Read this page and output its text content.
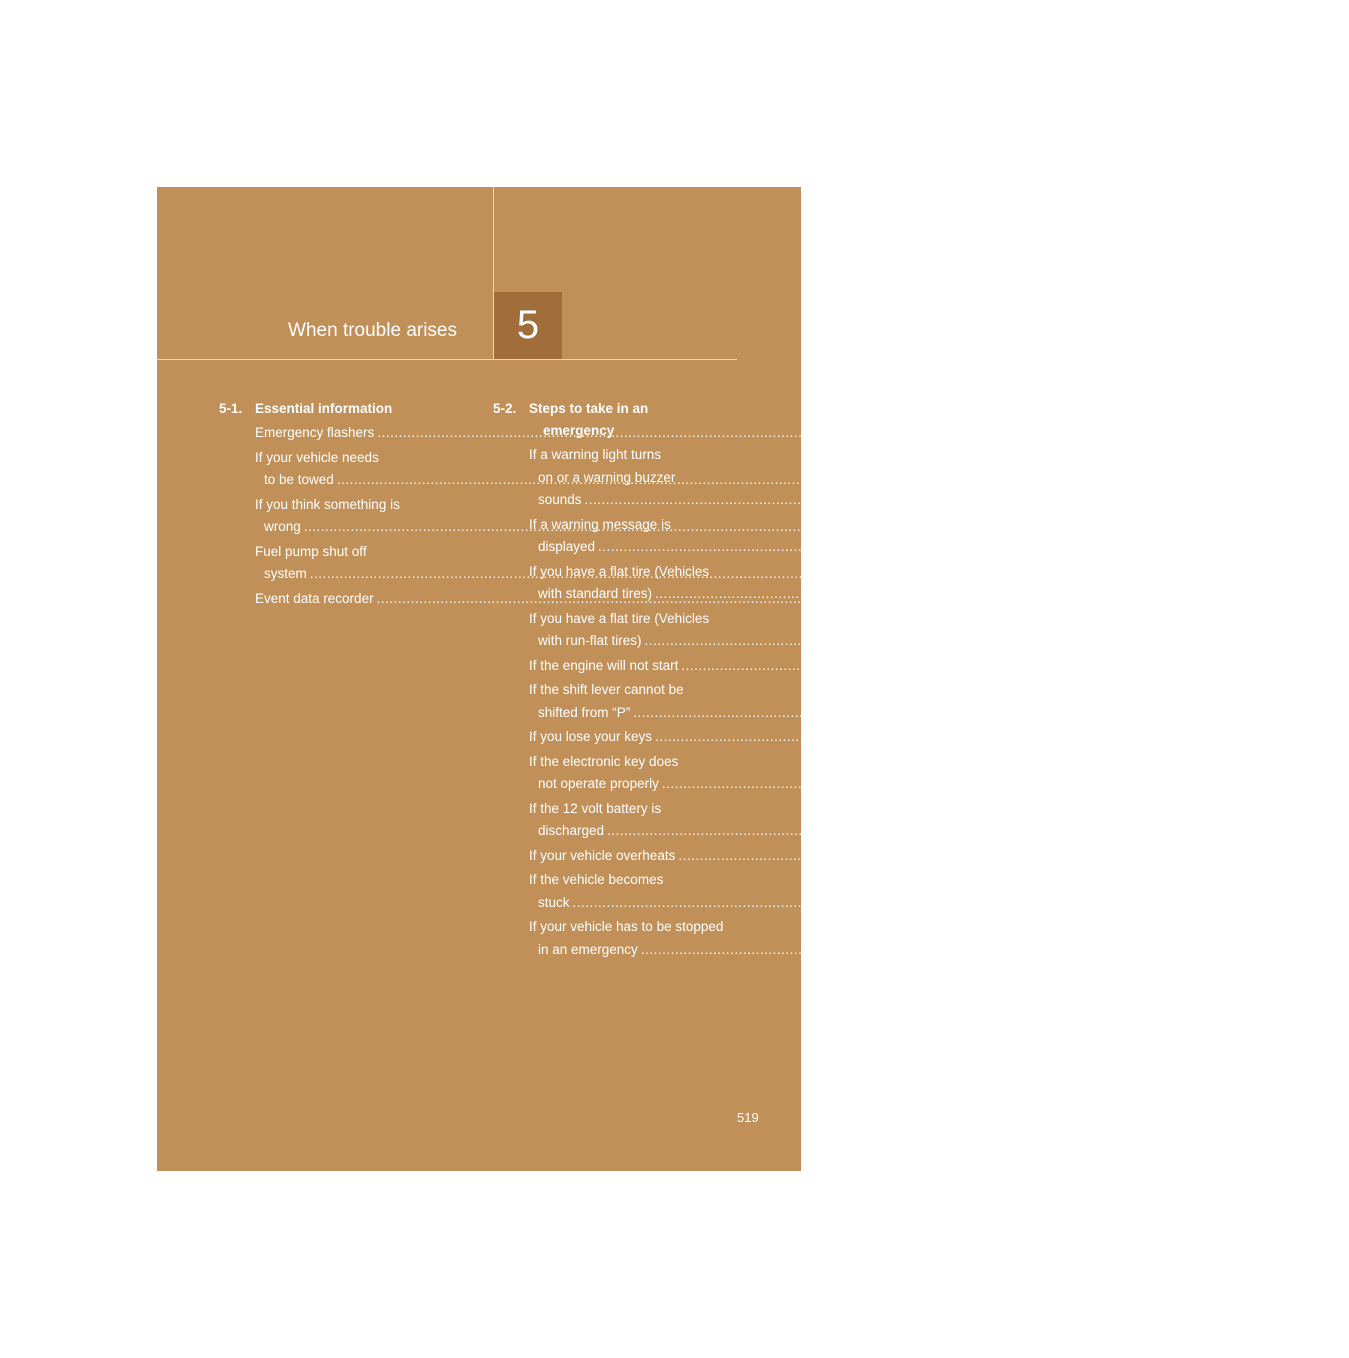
When trouble arises	5
5-1. Essential information
Emergency flashers .....	520
If your vehicle needs
to be towed .....	521
If you think something is
wrong .....	530
Fuel pump shut off
system .....	531
Event data recorder .....	532
5-2. Steps to take in an
emergency
If a warning light turns
on or a warning buzzer
sounds .....	534
If a warning message is
displayed .....	543
If you have a flat tire (Vehicles
with standard tires) .....	556
If you have a flat tire (Vehicles
with run-flat tires) .....	566
If the engine will not start .....	568
If the shift lever cannot be
shifted from “P” .....	569
If you lose your keys .....	570
If the electronic key does
not operate properly .....	571
If the 12 volt battery is
discharged .....	574
If your vehicle overheats .....	578
If the vehicle becomes
stuck .....	581
If your vehicle has to be stopped
in an emergency .....	583
519
